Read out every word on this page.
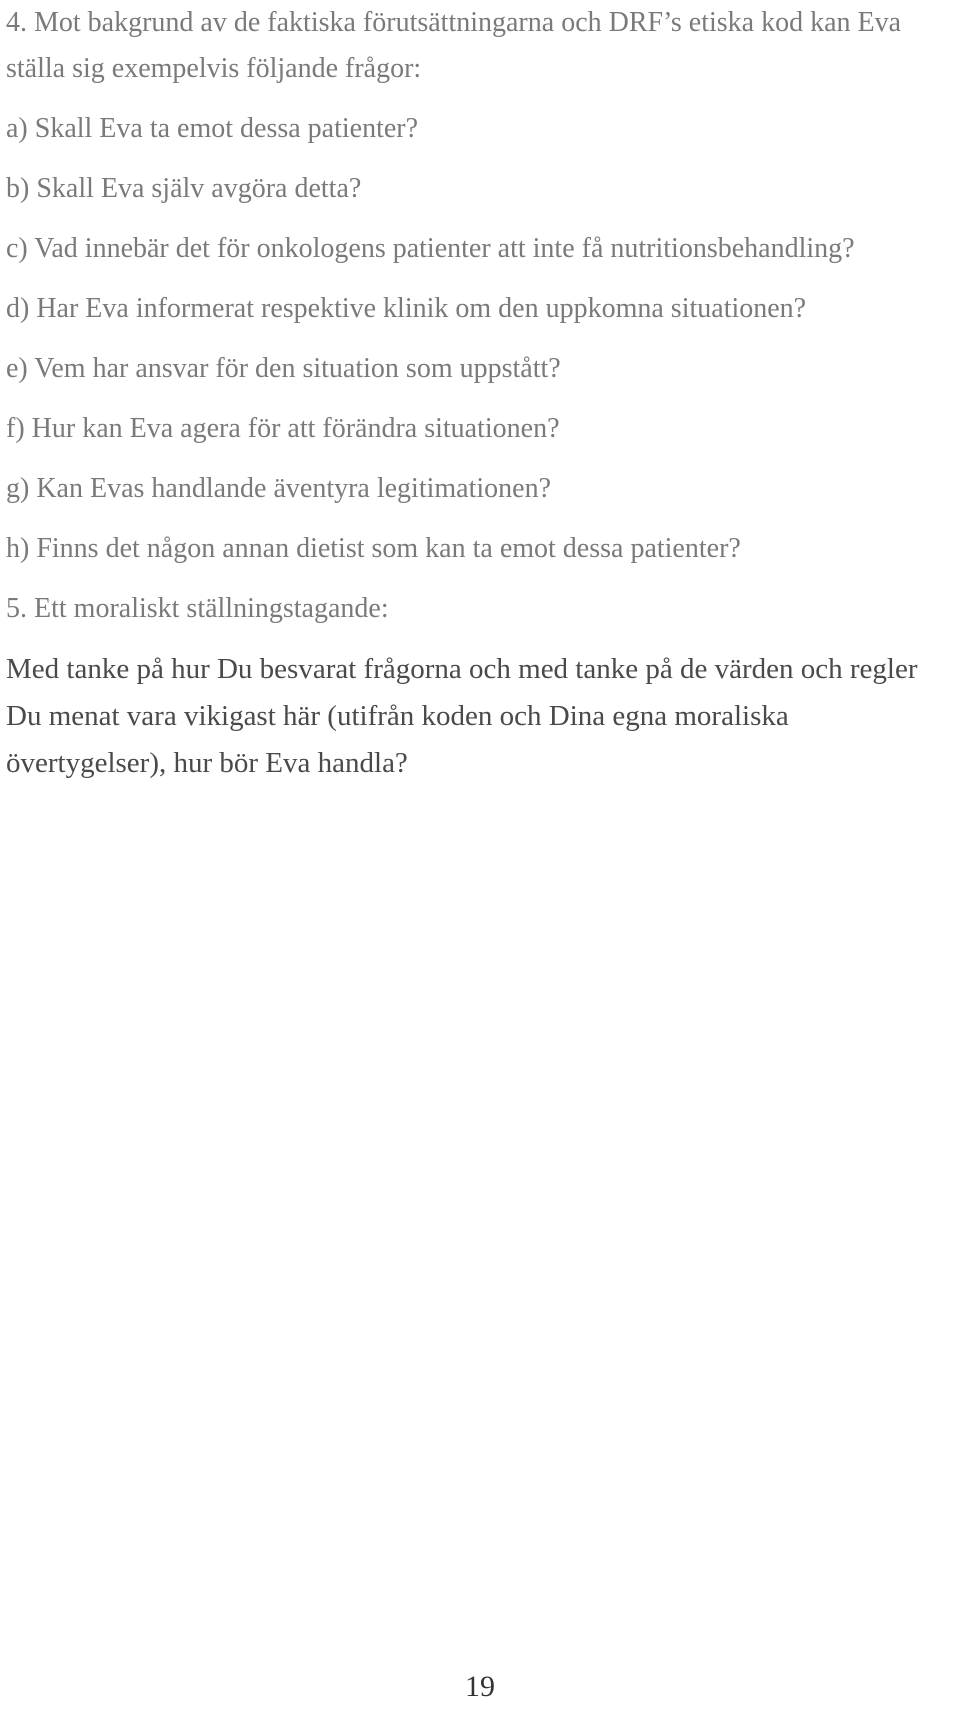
4. Mot bakgrund av de faktiska förutsättningarna och DRF’s etiska kod kan Eva ställa sig exempelvis följande frågor:

a) Skall Eva ta emot dessa patienter?

b) Skall Eva själv avgöra detta?

c) Vad innebär det för onkologens patienter att inte få nutritionsbehandling?

d) Har Eva informerat respektive klinik om den uppkomna situationen?

e) Vem har ansvar för den situation som uppstått?

f) Hur kan Eva agera för att förändra situationen?

g) Kan Evas handlande äventyra legitimationen?

h) Finns det någon annan dietist som kan ta emot dessa patienter?

5. Ett moraliskt ställningstagande:

Med tanke på hur Du besvarat frågorna och med tanke på de värden och regler Du menat vara vikigast här (utifrån koden och Dina egna moraliska övertygelser), hur bör Eva handla?

19
